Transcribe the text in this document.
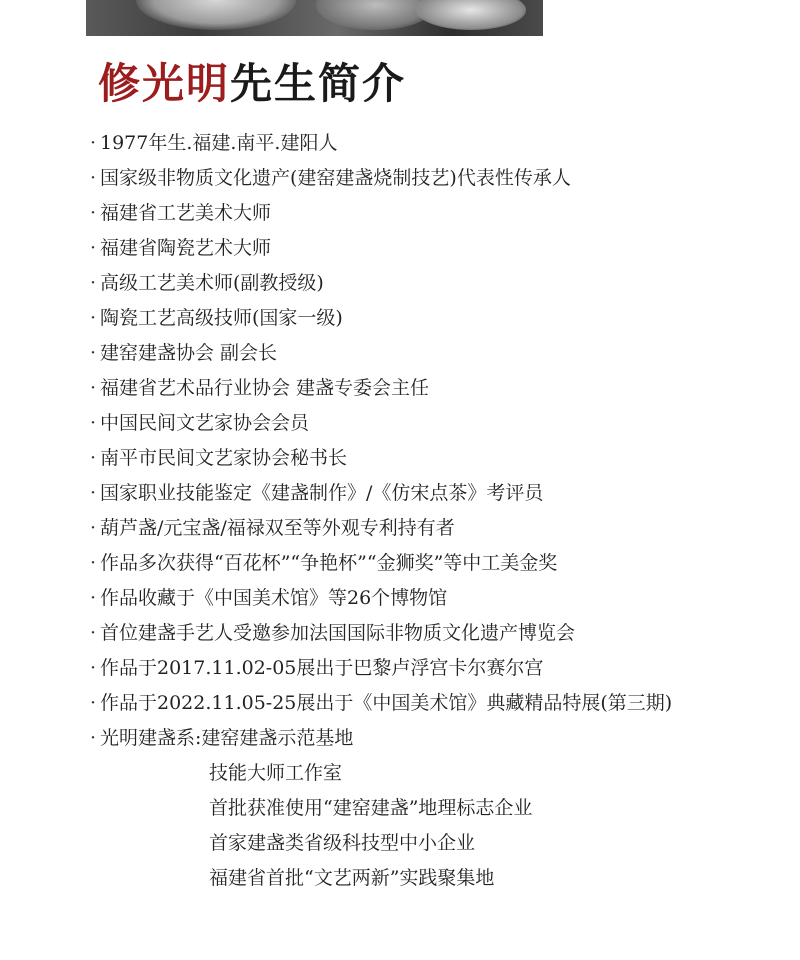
修光明先生简介
· 1977年生.福建.南平.建阳人
· 国家级非物质文化遗产(建窑建盏烧制技艺)代表性传承人
· 福建省工艺美术大师
· 福建省陶瓷艺术大师
· 高级工艺美术师(副教授级)
· 陶瓷工艺高级技师(国家一级)
· 建窑建盏协会 副会长
· 福建省艺术品行业协会 建盏专委会主任
· 中国民间文艺家协会会员
· 南平市民间文艺家协会秘书长
· 国家职业技能鉴定《建盏制作》/《仿宋点茶》考评员
· 葫芦盏/元宝盏/福禄双至等外观专利持有者
· 作品多次获得“百花杯”“争艳杯”“金狮奖”等中工美金奖
· 作品收藏于《中国美术馆》等26个博物馆
· 首位建盏手艺人受邀参加法国国际非物质文化遗产博览会
· 作品于2017.11.02-05展出于巴黎卢浮宫卡尔赛尔宫
· 作品于2022.11.05-25展出于《中国美术馆》典藏精品特展(第三期)
· 光明建盏系:建窑建盏示范基地
技能大师工作室
首批获准使用“建窑建盏”地理标志企业
首家建盏类省级科技型中小企业
福建省首批“文艺两新”实践聚集地
